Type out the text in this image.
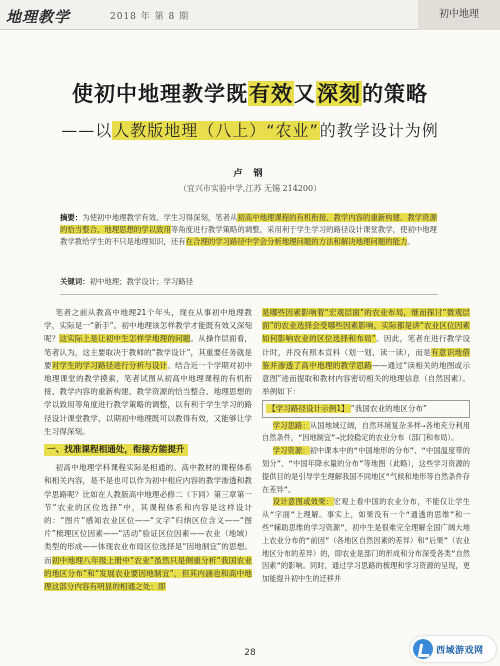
地理教学	2018 年 第 8 期	初中地理
使初中地理教学既有效又深刻的策略
——以人教版地理（八上）“农业”的教学设计为例
卢 钢
（宜兴市实验中学,江苏 无锡 214200）
摘要：为使初中地理教学有效、学生习得深刻，笔者从初高中地理课程的有机衔接、教学内容的重新构建、教学资源的恰当整合、地理思想的学以致用等角度进行教学策略的调整，采用利于学生学习的路径设计课堂教学，使初中地理教学教给学生的不只是地理知识，还有在合理的学习路径中学会分析地理问题的方法和解决地理问题的能力。
关键词：初中地理；教学设计；学习路径

笔者之前从教高中地理21个年头，现在从事初中地理教学，实际是一“新手”。初中地理该怎样教学才能既有效又深刻呢？这实际上是让初中生怎样学地理的问题。从操作层面看，笔者认为，这主要取决于教师的“教学设计”，其重要任务就是要对学生的学习路径进行分析与设计。结合近一个学期对初中地理课堂的教学摸索，笔者试图从初高中地理课程的有机衔接、教学内容的重新构建、教学资源的恰当整合、地理思想的学以致用等角度进行教学策略的调整，以有利于学生学习的路径设计课堂教学，以期初中地理既可以教得有效，又能够让学生习得深刻。

一、找准课程相通处，衔接方能提升

初高中地理学科课程实际是相通的。高中教材的课程体系和相关内容，是不是也可以作为初中相应内容的教学渗透和教学思路呢？比如在人教版高中地理必修二（下同）第三章第一节“农业的区位选择”中，其课程体系和内容是这样设计的：“图片”感知农业区位——“文字”归纳区位含义——“图片”梳理区位因素——“活动”验证区位因素——农业（地域）类型的形成——体现农业布局区位选择是“因地制宜”的思想。而初中地理八年级上册中“农业”虽然只是侧重分析“我国农业的地区分布”和“发展农业要因地制宜”，但其内涵也和高中地理这部分内容有明显的相通之处：即

是哪些因素影响着“宏观层面”的农业布局，继而探讨“微观层面”的农业选择会受哪些因素影响，实际都是讲“农业区位因素如何影响农业的区位选择和布局”。因此，笔者在进行教学设计时，并没有照本宣科（划一划、读一读），而是有意识地借鉴并渗透了高中地理的教学思路——通过“读相关的地图或示意图”进而提取和教材内容密切相关的地理信息（自然因素）。举例如下：

【学习路径设计示例1】 “我国农业的地区分布”

学习思路：从国地域辽阔，自然环境复杂多样→各地充分利用自然条件，“因地制宜”→比较稳定的农业分布（部门和布局）。

学习资源：初中课本中的“中国地形的分布”、“中国温度带的划分”、“中国年降水量的分布”等地图（此略），这些学习资源的提供目的是引导学生理解我国不同地区“气候和地形等自然条件存在差异”。

设计意图或效果：宏观上看中国的农业分布，不能仅让学生从“字面”上理解。事实上，如果没有一个“通透的思维”和一些“辅助思维的学习资源”，初中生是很难完全理解全国广阔大地上农业分布的“前因”（各地区自然因素的差异）和“后果”（农业地区分布的差异）的，即农业是部门的形成和分布深受各类“自然因素”的影响。同时，通过学习思路的梳理和学习资源的呈现，更加能提升初中生的迁移并

28	西域游戏网
